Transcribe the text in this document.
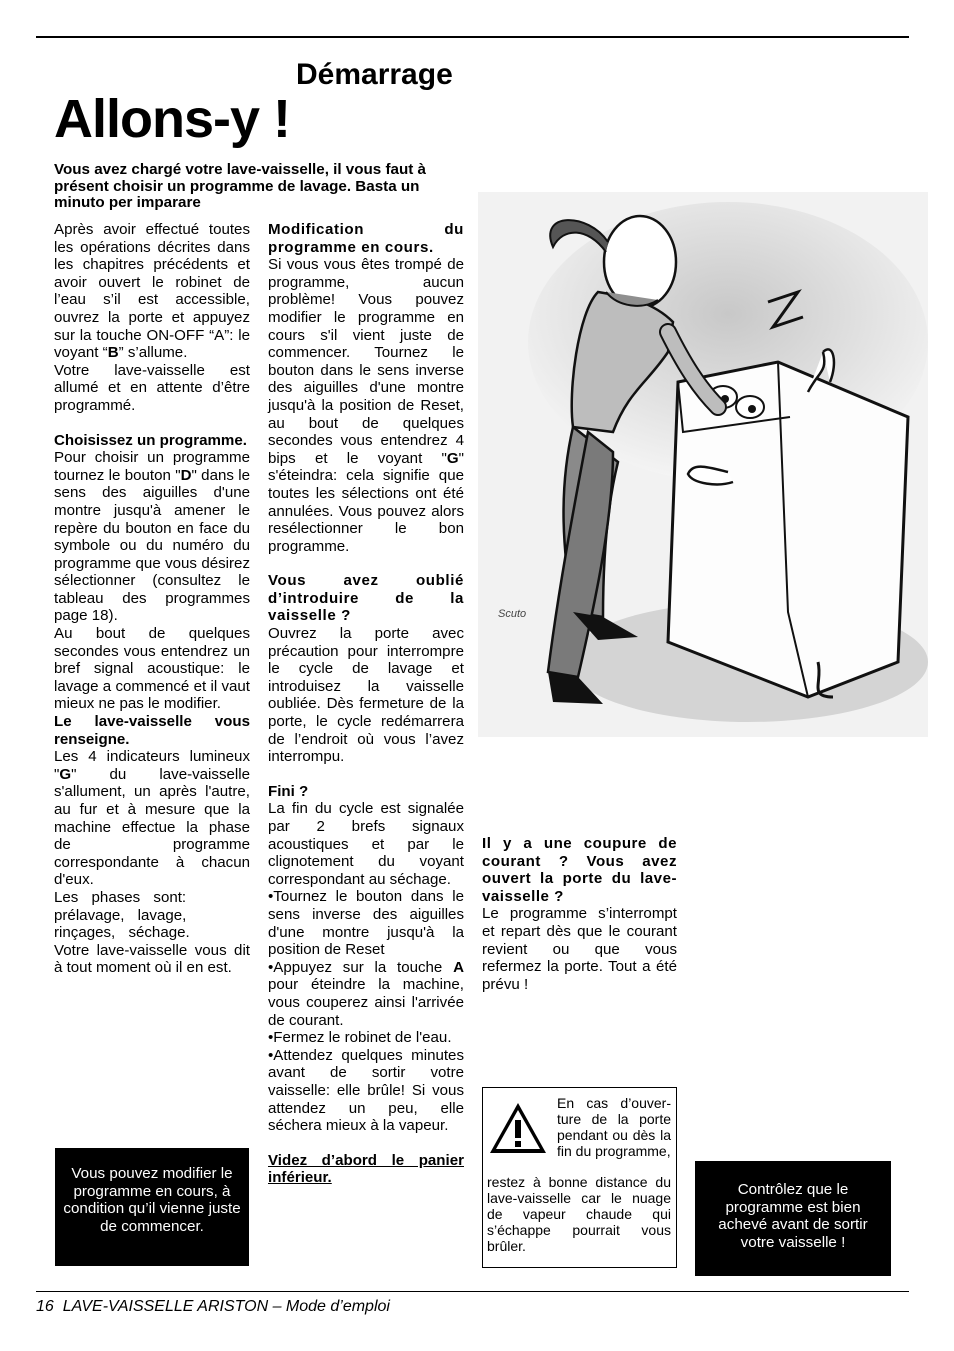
Démarrage
Allons-y !

Vous avez chargé votre lave-vaisselle, il vous faut à présent choisir un programme de lavage. Basta un minuto per imparare

Après avoir effectué toutes les opérations décrites dans les chapitres précédents et avoir ouvert le robinet de l’eau s’il est accessible, ouvrez la porte et appuyez sur la touche ON-OFF “A”: le voyant “B” s’allume.

Votre lave-vaisselle est allumé et en attente d’être programmé.

Choisissez un programme.

Pour choisir un programme tournez le bouton "D" dans le sens des aiguilles d'une montre jusqu'à amener le repère du bouton en face du symbole ou du numéro du programme que vous désirez sélectionner (consultez le tableau des programmes page 18).

Au bout de quelques secondes vous entendrez un bref signal acoustique: le lavage a commencé et il vaut mieux ne pas le modifier.

Le lave-vaisselle vous renseigne.

Les 4 indicateurs lumineux "G" du lave-vaisselle s'allument, un après l'autre, au fur et à mesure que la machine effectue la phase de programme correspondante à chacun d'eux.

Les phases sont: prélavage, lavage, rinçages, séchage.

Votre lave-vaisselle vous dit à tout moment où il en est.

Modification du programme en cours.

Si vous vous êtes trompé de programme, aucun problème! Vous pouvez modifier le programme en cours s'il vient juste de commencer. Tournez le bouton dans le sens inverse des aiguilles d'une montre jusqu'à la position de Reset, au bout de quelques secondes vous entendrez 4 bips et le voyant "G" s'éteindra: cela signifie que toutes les sélections ont été annulées. Vous pouvez alors resélectionner le bon programme.

Vous avez oublié d’introduire de la vaisselle ?

Ouvrez la porte avec précaution pour interrompre le cycle de lavage et introduisez la vaisselle oubliée. Dès fermeture de la porte, le cycle redémarrera de l’endroit où vous l’avez interrompu.

Fini ?

La fin du cycle est signalée par 2 brefs signaux acoustiques et par le clignotement du voyant correspondant au séchage.

•Tournez le bouton dans le sens inverse des aiguilles d'une montre jusqu'à la position de Reset

•Appuyez sur la touche A pour éteindre la machine, vous couperez ainsi l'arrivée de courant.

•Fermez le robinet de l'eau.

•Attendez quelques minutes avant de sortir votre vaisselle: elle brûle! Si vous attendez un peu, elle séchera mieux à la vapeur.

Videz d’abord le panier inférieur.

Scuto

Il y a une coupure de courant ? Vous avez ouvert la porte du lave-vaisselle ?

Le programme s’interrompt et repart dès que le courant revient ou que vous refermez la porte. Tout a été prévu !

Vous pouvez modifier le programme en cours, à condition qu’il vienne juste de commencer.
En cas d’ouver-ture de la porte pendant ou dès la fin du programme,
restez à bonne distance du lave-vaisselle car le nuage de vapeur chaude qui s’échappe pourrait vous brûler.
Contrôlez que le programme est bien achevé avant de sortir votre vaisselle !

16 LAVE-VAISSELLE ARISTON – Mode d’emploi
